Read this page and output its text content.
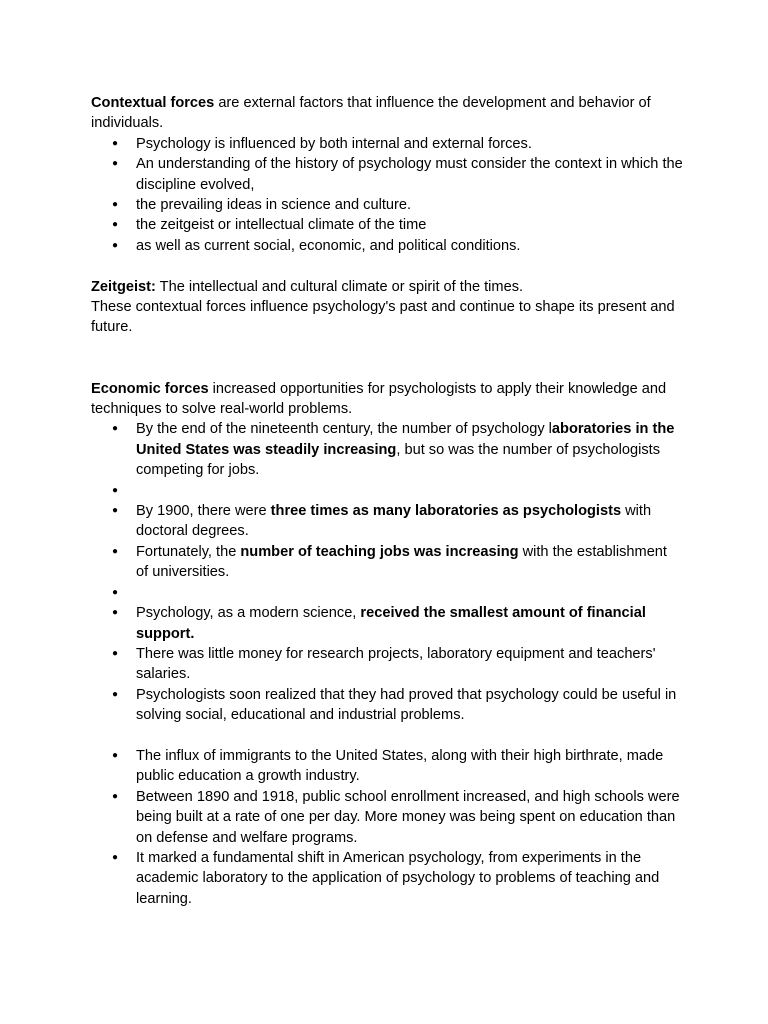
Contextual forces are external factors that influence the development and behavior of individuals.

● Psychology is influenced by both internal and external forces.
● An understanding of the history of psychology must consider the context in which the discipline evolved,
● the prevailing ideas in science and culture.
● the zeitgeist or intellectual climate of the time
● as well as current social, economic, and political conditions.

Zeitgeist: The intellectual and cultural climate or spirit of the times.

These contextual forces influence psychology's past and continue to shape its present and future.

Economic forces increased opportunities for psychologists to apply their knowledge and techniques to solve real-world problems.

● By the end of the nineteenth century, the number of psychology laboratories in the United States was steadily increasing, but so was the number of psychologists competing for jobs.
●
● By 1900, there were three times as many laboratories as psychologists with doctoral degrees.
● Fortunately, the number of teaching jobs was increasing with the establishment of universities.
●
● Psychology, as a modern science, received the smallest amount of financial support.
● There was little money for research projects, laboratory equipment and teachers' salaries.
● Psychologists soon realized that they had proved that psychology could be useful in solving social, educational and industrial problems.
● The influx of immigrants to the United States, along with their high birthrate, made public education a growth industry.
● Between 1890 and 1918, public school enrollment increased, and high schools were being built at a rate of one per day. More money was being spent on education than on defense and welfare programs.
● It marked a fundamental shift in American psychology, from experiments in the academic laboratory to the application of psychology to problems of teaching and learning.
